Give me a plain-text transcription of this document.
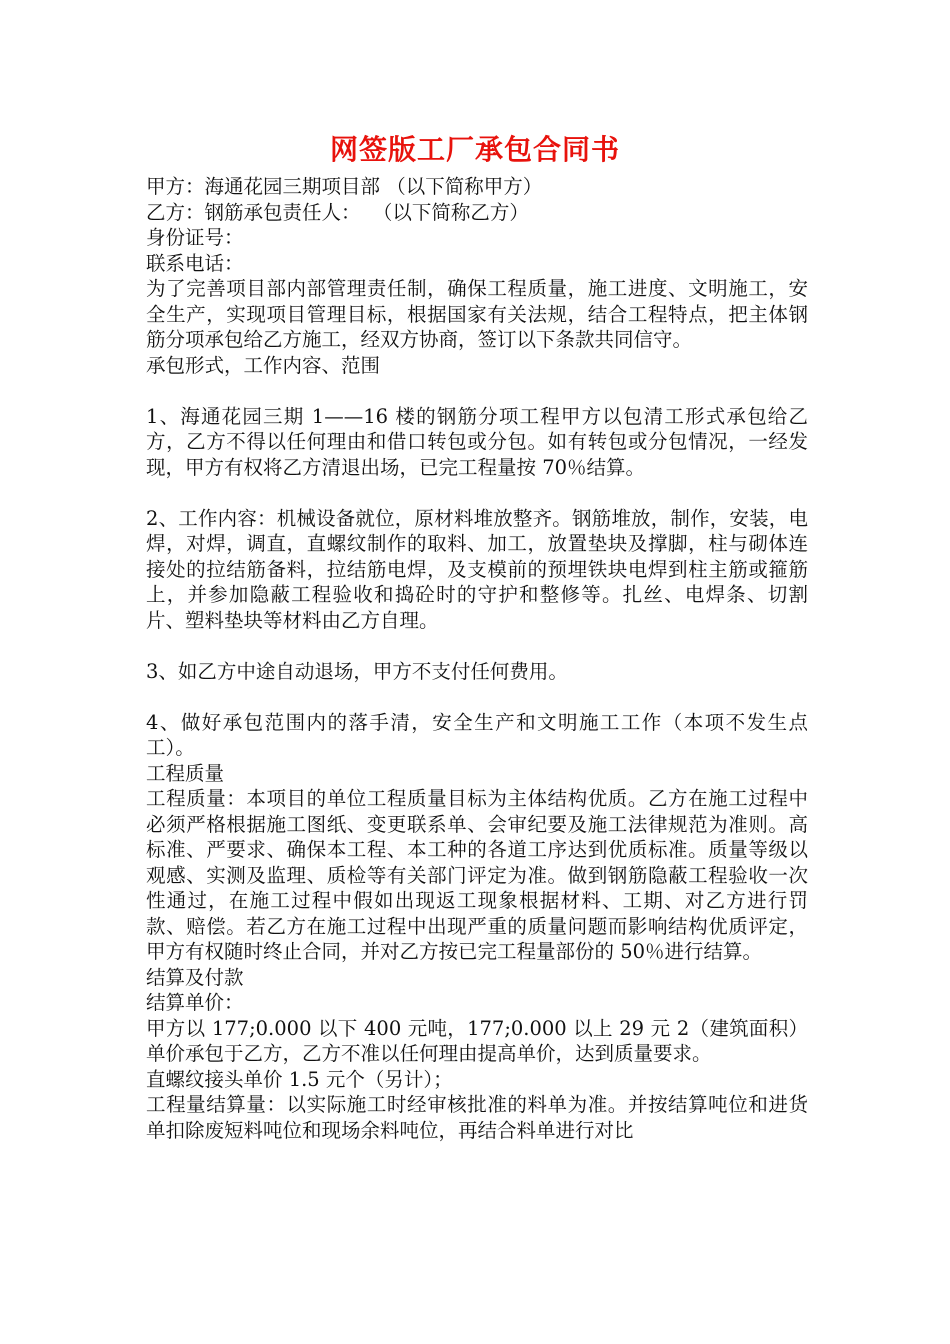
网签版工厂承包合同书

甲方：海通花园三期项目部 （以下简称甲方）

乙方：钢筋承包责任人：  （以下简称乙方）

身份证号：

联系电话：

为了完善项目部内部管理责任制，确保工程质量，施工进度、文明施工，安全生产，实现项目管理目标，根据国家有关法规，结合工程特点，把主体钢筋分项承包给乙方施工，经双方协商，签订以下条款共同信守。

承包形式，工作内容、范围

1、海通花园三期 1——16 楼的钢筋分项工程甲方以包清工形式承包给乙方，乙方不得以任何理由和借口转包或分包。如有转包或分包情况，一经发现，甲方有权将乙方清退出场，已完工程量按 70％结算。

2、工作内容：机械设备就位，原材料堆放整齐。钢筋堆放，制作，安装，电焊，对焊，调直，直螺纹制作的取料、加工，放置垫块及撑脚，柱与砌体连接处的拉结筋备料，拉结筋电焊，及支模前的预埋铁块电焊到柱主筋或箍筋上，并参加隐蔽工程验收和捣砼时的守护和整修等。扎丝、电焊条、切割片、塑料垫块等材料由乙方自理。

3、如乙方中途自动退场，甲方不支付任何费用。

4、做好承包范围内的落手清，安全生产和文明施工工作（本项不发生点工）。

工程质量

工程质量：本项目的单位工程质量目标为主体结构优质。乙方在施工过程中必须严格根据施工图纸、变更联系单、会审纪要及施工法律规范为准则。高标准、严要求、确保本工程、本工种的各道工序达到优质标准。质量等级以观感、实测及监理、质检等有关部门评定为准。做到钢筋隐蔽工程验收一次性通过，在施工过程中假如出现返工现象根据材料、工期、对乙方进行罚款、赔偿。若乙方在施工过程中出现严重的质量问题而影响结构优质评定，甲方有权随时终止合同，并对乙方按已完工程量部份的 50％进行结算。

结算及付款

结算单价：

甲方以 177;0.000 以下 400 元吨，177;0.000 以上 29 元 2（建筑面积）单价承包于乙方，乙方不准以任何理由提高单价，达到质量要求。

直螺纹接头单价 1.5 元个（另计）；

工程量结算量：以实际施工时经审核批准的料单为准。并按结算吨位和进货单扣除废短料吨位和现场余料吨位，再结合料单进行对比
